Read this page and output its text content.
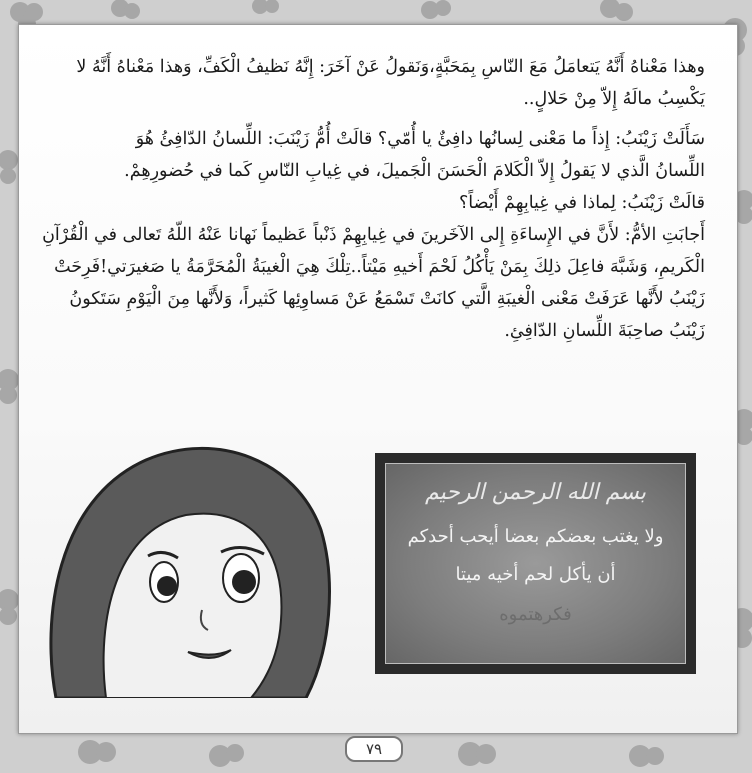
وهذا مَعْناهُ أَنَّهُ يَتعامَلُ مَعَ النّاسِ بِمَحَبَّةٍ،وَنَقولُ عَنْ آخَرَ: إِنَّهُ نَظيفُ الْكَفِّ، وَهذا مَعْناهُ أَنَّهُ لا

يَكْسِبُ مالَهُ إِلاّ مِنْ حَلالٍ..

سَأَلَتْ زَيْنَبُ: إِذاً ما مَعْنى لِسانُها دافِئٌ يا أُمّي؟ قالَتْ أُمُّ زَيْنَبَ: اللِّسانُ الدّافِئُ هُوَ

اللِّسانُ الَّذي لا يَقولُ إِلاّ الْكَلامَ الْحَسَنَ الْجَميلَ، في غِيابِ النّاسِ كَما في حُضورِهِمْ.

قالَتْ زَيْنَبُ: لِماذا في غِيابِهِمْ أَيْضاً؟

أَجابَتِ الأمُّ: لأَنَّ في الإِساءَةِ إِلى الآخَرينَ في غِيابِهِمْ ذَنْباً عَظيماً نَهانا عَنْهُ اللّهُ تَعالى في الْقُرْآنِ

الْكَريمِ، وَشَبَّهَ فاعِلَ ذلِكَ بِمَنْ يَأْكُلُ لَحْمَ أَخيهِ مَيْتاً..تِلْكَ هِيَ الْغيبَةُ الْمُحَرَّمَةُ يا صَغيرَتي!فَرِحَتْ

زَيْنَبُ لأَنَّها عَرَفَتْ مَعْنى الْغيبَةِ الَّتي كانَتْ تَسْمَعُ عَنْ مَساوِئِها كَثيراً، وَلأَنَّها مِنَ الْيَوْمِ سَتَكونُ

زَيْنَبُ صاحِبَةَ اللِّسانِ الدّافِئِ.

بسم الله الرحمن الرحيم
ولا يغتب بعضكم بعضا أيحب أحدكم
أن يأكل لحم أخيه ميتا
فكرهتموه
٧٩
